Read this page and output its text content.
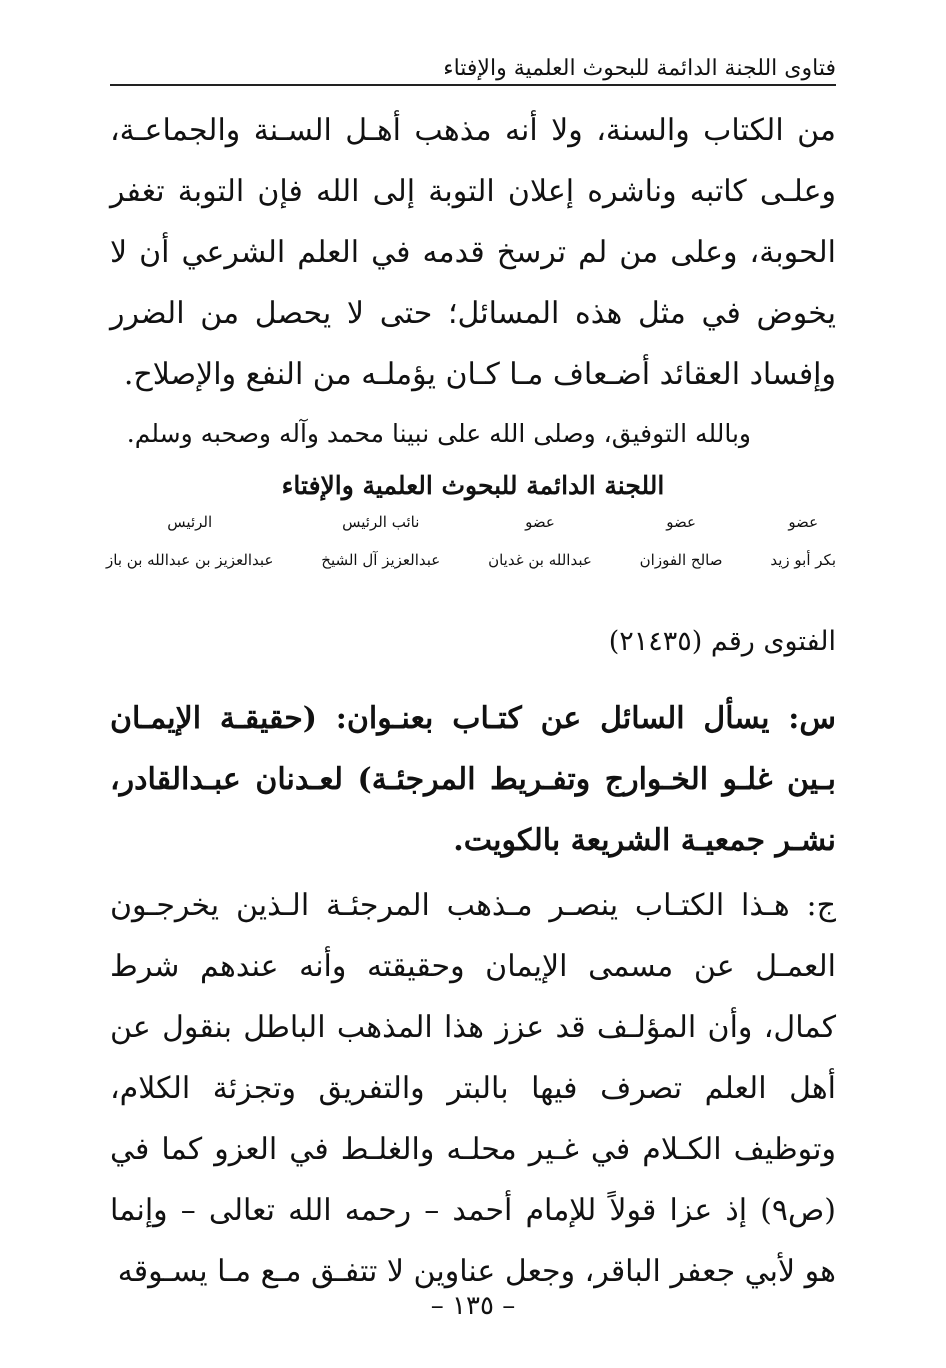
فتاوى اللجنة الدائمة للبحوث العلمية والإفتاء

من الكتاب والسنة، ولا أنه مذهب أهـل السـنة والجماعـة، وعلـى كاتبه وناشره إعلان التوبة إلى الله فإن التوبة تغفر الحوبة، وعلى من لم ترسخ قدمه في العلم الشرعي أن لا يخوض في مثل هذه المسائل؛ حتى لا يحصل من الضرر وإفساد العقائد أضـعاف مـا كـان يؤملـه من النفع والإصلاح.

وبالله التوفيق، وصلى الله على نبينا محمد وآله وصحبه وسلم.
اللجنة الدائمة للبحوث العلمية والإفتاء
عضو
بكر أبو زيد
عضو
صالح الفوزان
عضو
عبدالله بن غديان
نائب الرئيس
عبدالعزيز آل الشيخ
الرئيس
عبدالعزيز بن عبدالله بن باز
الفتوى رقم (٢١٤٣٥)

س: يسأل السائل عن كتـاب بعنـوان: (حقيقـة الإيمـان بـين غلـو الخـوارج وتفـريط المرجئـة) لعـدنان عبـدالقادر، نشـر جمعيـة الشريعة بالكويت.

ج: هـذا الكتـاب ينصـر مـذهب المرجئـة الـذين يخرجـون العمـل عن مسمى الإيمان وحقيقته وأنه عندهم شرط كمال، وأن المؤلـف قد عزز هذا المذهب الباطل بنقول عن أهل العلم تصرف فيها بالبتر والتفريق وتجزئة الكلام، وتوظيف الكـلام في غـير محلـه والغلـط في العزو كما في (ص٩) إذ عزا قولاً للإمام أحمد – رحمه الله تعالى – وإنما هو لأبي جعفر الباقر، وجعل عناوين لا تتفـق مـع مـا يسـوقه

– ١٣٥ –
